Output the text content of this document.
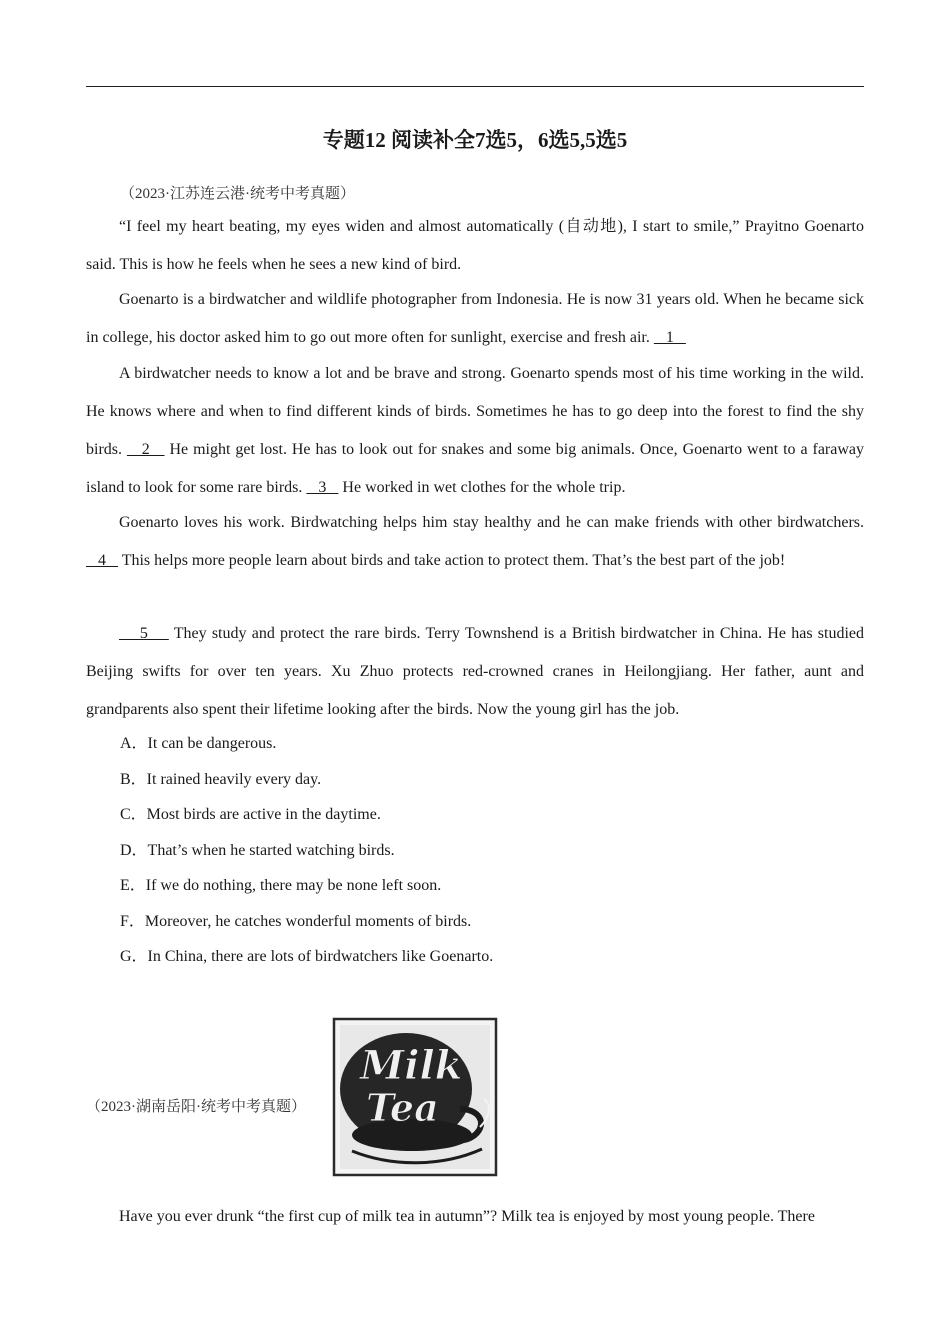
专题12 阅读补全7选5，6选5,5选5
（2023·江苏连云港·统考中考真题）

“I feel my heart beating, my eyes widen and almost automatically (自动地), I start to smile,” Prayitno Goenarto said. This is how he feels when he sees a new kind of bird.

Goenarto is a birdwatcher and wildlife photographer from Indonesia. He is now 31 years old. When he became sick in college, his doctor asked him to go out more often for sunlight, exercise and fresh air.    1

A birdwatcher needs to know a lot and be brave and strong. Goenarto spends most of his time working in the wild. He knows where and when to find different kinds of birds. Sometimes he has to go deep into the forest to find the shy birds.    2    He might get lost. He has to look out for snakes and some big animals. Once, Goenarto went to a faraway island to look for some rare birds.    3    He worked in wet clothes for the whole trip.

Goenarto loves his work. Birdwatching helps him stay healthy and he can make friends with other birdwatchers.    4    This helps more people learn about birds and take action to protect them. That’s the best part of the job!

5     They study and protect the rare birds. Terry Townshend is a British birdwatcher in China. He has studied Beijing swifts for over ten years. Xu Zhuo protects red-crowned cranes in Heilongjiang. Her father, aunt and grandparents also spent their lifetime looking after the birds. Now the young girl has the job.

A．It can be dangerous.
B．It rained heavily every day.
C．Most birds are active in the daytime.
D．That’s when he started watching birds.
E．If we do nothing, there may be none left soon.
F．Moreover, he catches wonderful moments of birds.
G．In China, there are lots of birdwatchers like Goenarto.
（2023·湖南岳阳·统考中考真题）
Milk
Tea

Have you ever drunk “the first cup of milk tea in autumn”? Milk tea is enjoyed by most young people. There
